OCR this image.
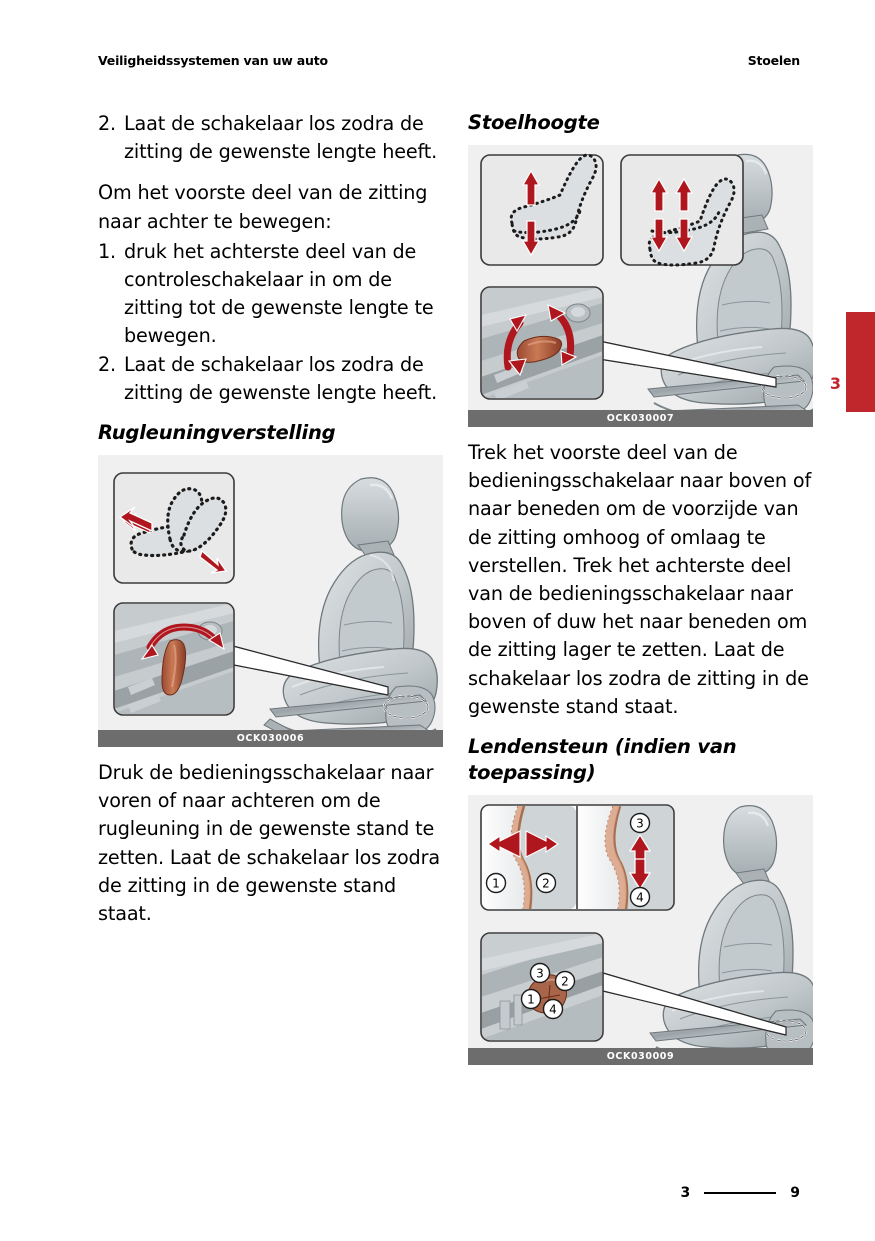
Veiligheidssystemen van uw auto	Stoelen
2. Laat de schakelaar los zodra de zitting de gewenste lengte heeft.

Om het voorste deel van de zitting naar achter te bewegen:

1. druk het achterste deel van de controleschakelaar in om de zitting tot de gewenste lengte te bewegen.
2. Laat de schakelaar los zodra de zitting de gewenste lengte heeft.
Rugleuningverstelling
OCK030006

Druk de bedieningsschakelaar naar voren of naar achteren om de rugleuning in de gewenste stand te zetten. Laat de schakelaar los zodra de zitting in de gewenste stand staat.

Stoelhoogte
OCK030007

Trek het voorste deel van de bedieningsschakelaar naar boven of naar beneden om de voorzijde van de zitting omhoog of omlaag te verstellen. Trek het achterste deel van de bedieningsschakelaar naar boven of duw het naar beneden om de zitting lager te zetten. Laat de schakelaar los zodra de zitting in de gewenste stand staat.

Lendensteun (indien van toepassing)
1	2
3
4
3
2
1
4
OCK030009
3
3	9
